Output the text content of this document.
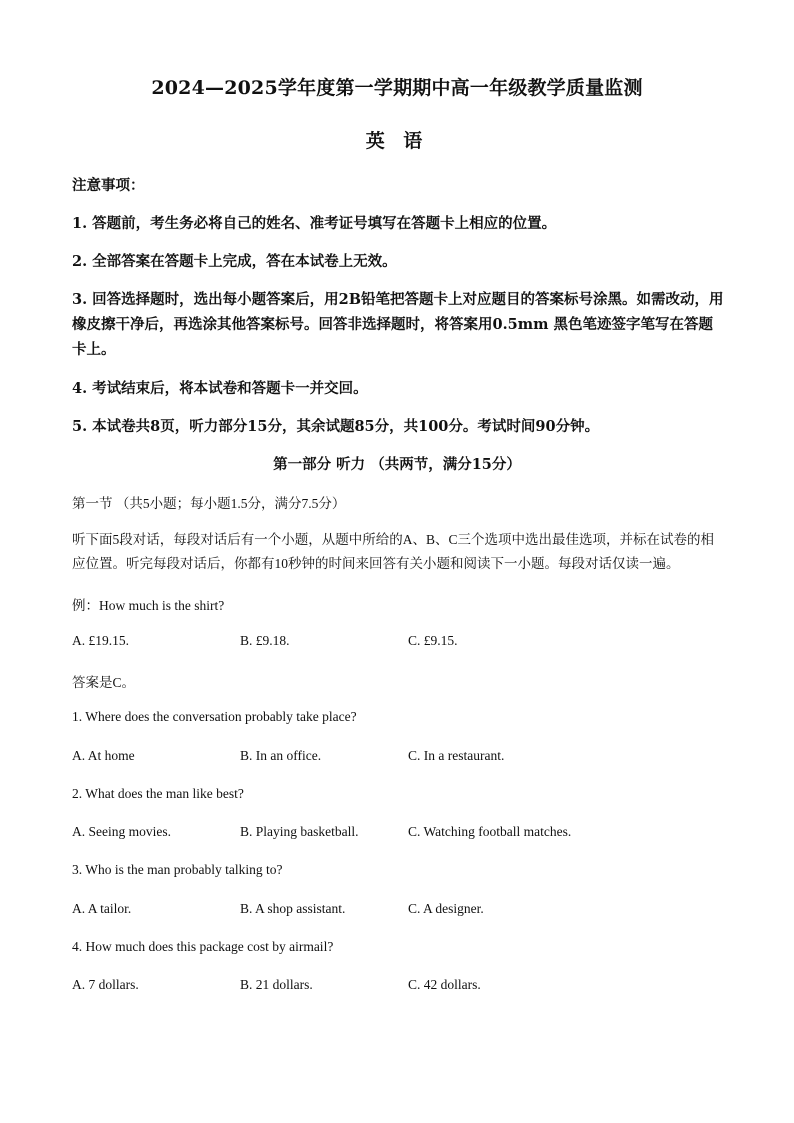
2024—2025学年度第一学期期中高一年级教学质量监测
英 语
注意事项：
1. 答题前，考生务必将自己的姓名、准考证号填写在答题卡上相应的位置。
2. 全部答案在答题卡上完成，答在本试卷上无效。
3. 回答选择题时，选出每小题答案后，用2B铅笔把答题卡上对应题目的答案标号涂黑。如需改动，用橡皮擦干净后，再选涂其他答案标号。回答非选择题时，将答案用0.5mm 黑色笔迹签字笔写在答题卡上。
4. 考试结束后，将本试卷和答题卡一并交回。
5. 本试卷共8页，听力部分15分，其余试题85分，共100分。考试时间90分钟。
第一部分 听力 （共两节，满分15分）
第一节 （共5小题；每小题1.5分，满分7.5分）
听下面5段对话，每段对话后有一个小题，从题中所给的A、B、C三个选项中选出最佳选项，并标在试卷的相应位置。听完每段对话后，你都有10秒钟的时间来回答有关小题和阅读下一小题。每段对话仅读一遍。
例：How much is the shirt?
A. £19.15.	B. £9.18.	C. £9.15.
答案是C。
1. Where does the conversation probably take place?
A. At home	B. In an office.	C. In a restaurant.
2. What does the man like best?
A. Seeing movies.	B. Playing basketball.	C. Watching football matches.
3. Who is the man probably talking to?
A. A tailor.	B. A shop assistant.	C. A designer.
4. How much does this package cost by airmail?
A. 7 dollars.	B. 21 dollars.	C. 42 dollars.
